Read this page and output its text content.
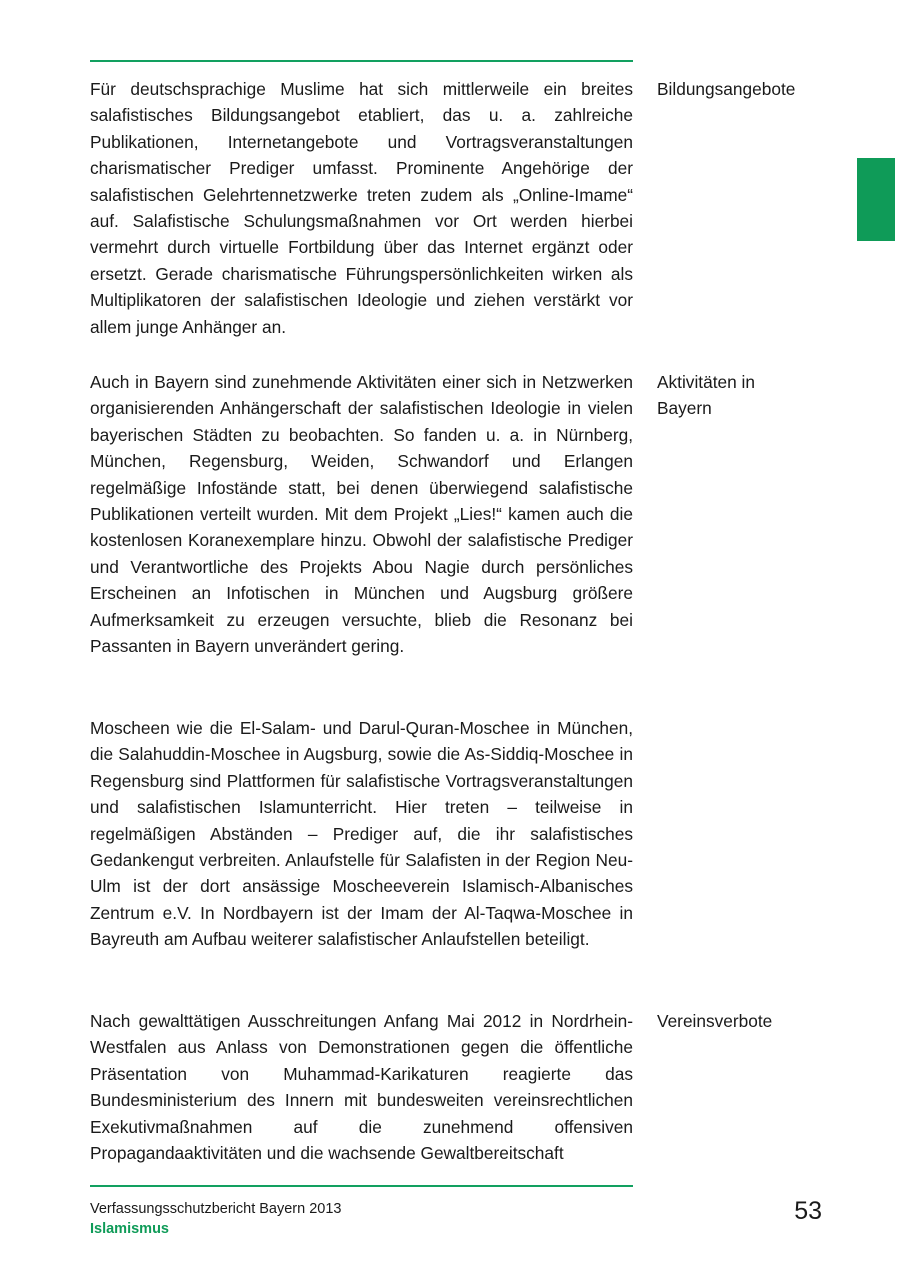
Für deutschsprachige Muslime hat sich mittlerweile ein breites salafistisches Bildungsangebot etabliert, das u. a. zahlreiche Publikationen, Internetangebote und Vortragsveranstaltungen charismatischer Prediger umfasst. Prominente Angehörige der salafistischen Gelehrtennetzwerke treten zudem als „Online-Imame“ auf. Salafistische Schulungsmaßnahmen vor Ort werden hierbei vermehrt durch virtuelle Fortbildung über das Internet ergänzt oder ersetzt. Gerade charismatische Führungspersönlichkeiten wirken als Multiplikatoren der salafistischen Ideologie und ziehen verstärkt vor allem junge Anhänger an.

Bildungsangebote

Auch in Bayern sind zunehmende Aktivitäten einer sich in Netzwerken organisierenden Anhängerschaft der salafistischen Ideologie in vielen bayerischen Städten zu beobachten. So fanden u. a. in Nürnberg, München, Regensburg, Weiden, Schwandorf und Erlangen regelmäßige Infostände statt, bei denen überwiegend salafistische Publikationen verteilt wurden. Mit dem Projekt „Lies!“ kamen auch die kostenlosen Koranexemplare hinzu. Obwohl der salafistische Prediger und Verantwortliche des Projekts Abou Nagie durch persönliches Erscheinen an Infotischen in München und Augsburg größere Aufmerksamkeit zu erzeugen versuchte, blieb die Resonanz bei Passanten in Bayern unverändert gering.

Aktivitäten in Bayern

Moscheen wie die El-Salam- und Darul-Quran-Moschee in München, die Salahuddin-Moschee in Augsburg, sowie die As-Siddiq-Moschee in Regensburg sind Plattformen für salafistische Vortragsveranstaltungen und salafistischen Islamunterricht. Hier treten – teilweise in regelmäßigen Abständen – Prediger auf, die ihr salafistisches Gedankengut verbreiten. Anlaufstelle für Salafisten in der Region Neu-Ulm ist der dort ansässige Moscheeverein Islamisch-Albanisches Zentrum e.V. In Nordbayern ist der Imam der Al-Taqwa-Moschee in Bayreuth am Aufbau weiterer salafistischer Anlaufstellen beteiligt.

Nach gewalttätigen Ausschreitungen Anfang Mai 2012 in Nordrhein-Westfalen aus Anlass von Demonstrationen gegen die öffentliche Präsentation von Muhammad-Karikaturen reagierte das Bundesministerium des Innern mit bundesweiten vereinsrechtlichen Exekutivmaßnahmen auf die zunehmend offensiven Propagandaaktivitäten und die wachsende Gewaltbereitschaft

Vereinsverbote

Verfassungsschutzbericht Bayern 2013
Islamismus
53
